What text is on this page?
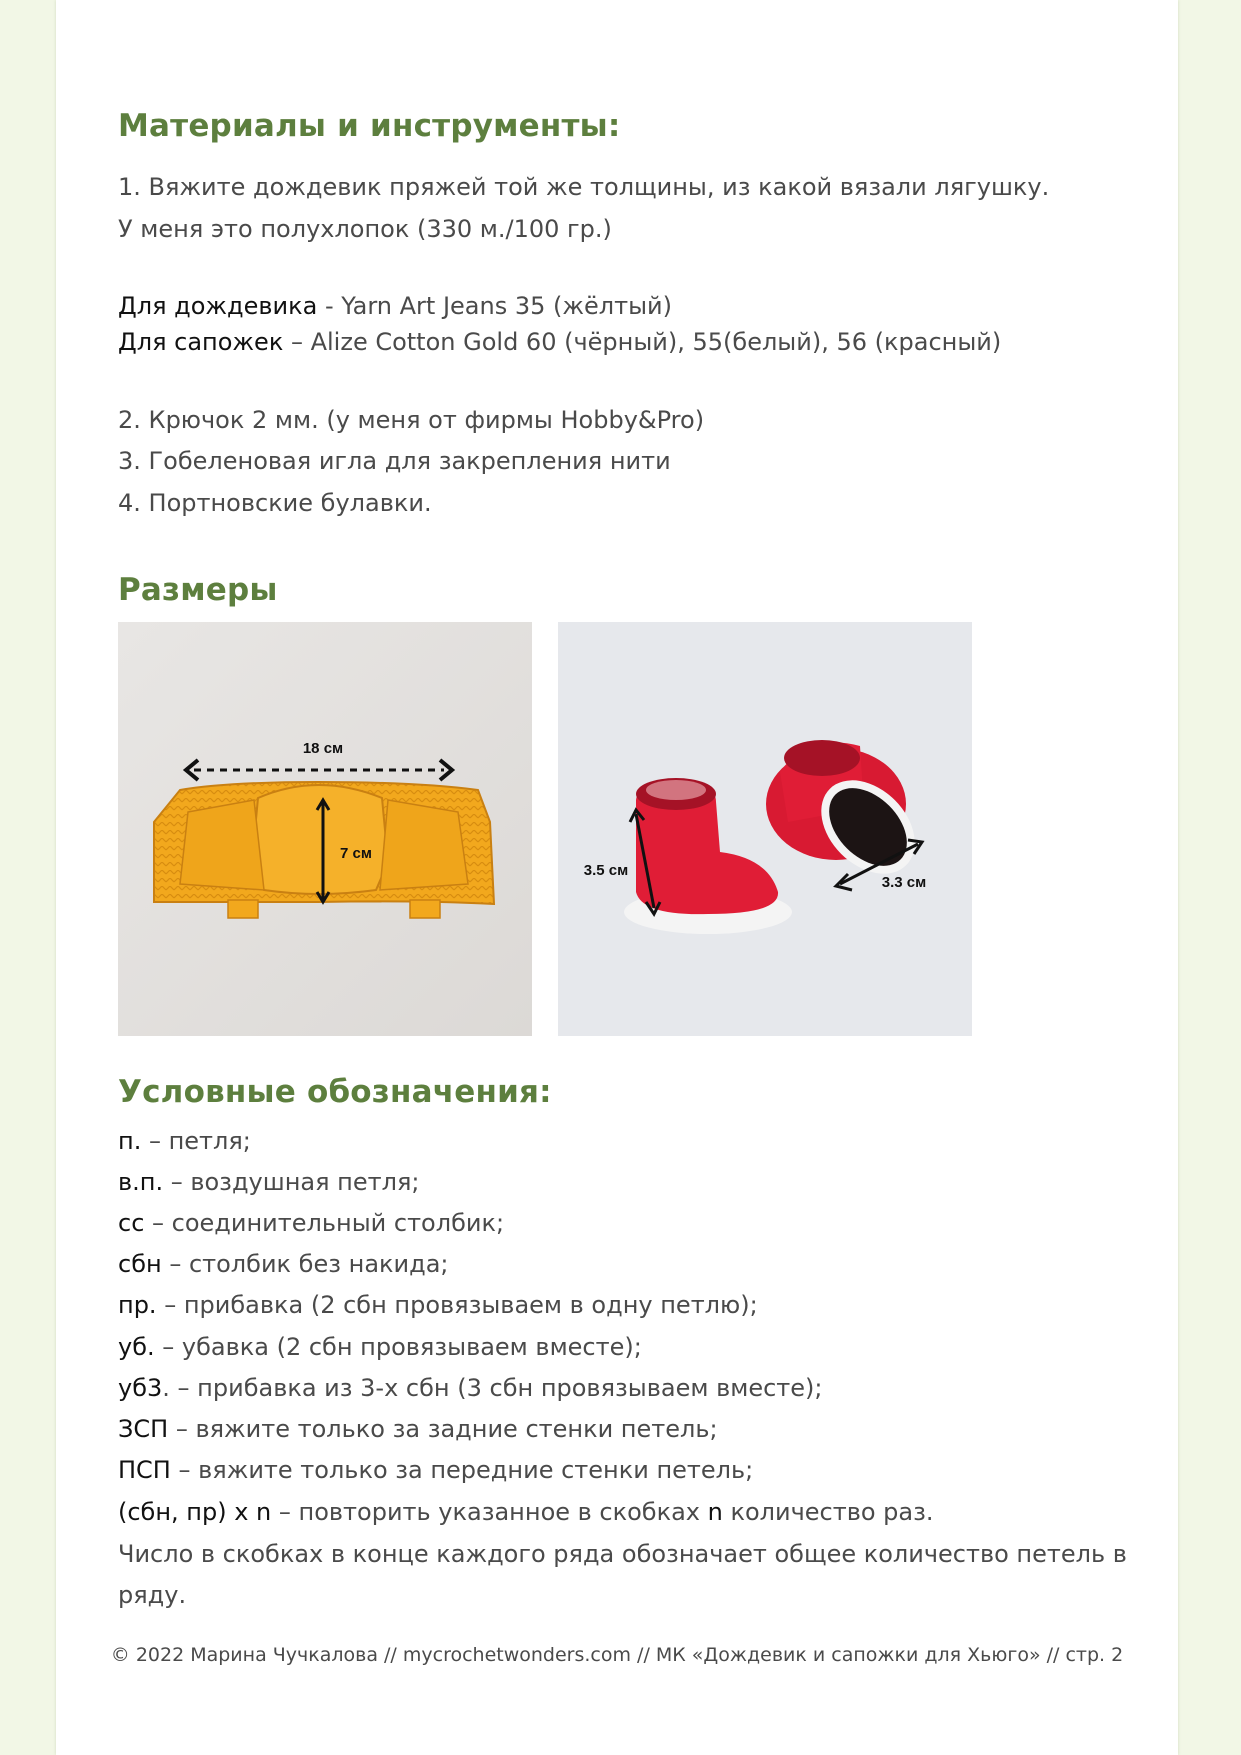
Материалы и инструменты:
1. Вяжите дождевик пряжей той же толщины, из какой вязали лягушку.
У меня это полухлопок (330 м./100 гр.)
Для дождевика - Yarn Art Jeans 35 (жёлтый)
Для сапожек – Alize Cotton Gold 60 (чёрный), 55(белый), 56 (красный)
2. Крючок 2 мм. (у меня от фирмы Hobby&Pro)
3. Гобеленовая игла для закрепления нити
4. Портновские булавки.
Размеры
18 см
7 см
3.5 см
3.3 см
Условные обозначения:
п. – петля;
в.п. – воздушная петля;
сс – соединительный столбик;
сбн – столбик без накида;
пр. – прибавка (2 сбн провязываем в одну петлю);
уб. – убавка (2 сбн провязываем вместе);
уб3. – прибавка из 3-х сбн (3 сбн провязываем вместе);
ЗСП – вяжите только за задние стенки петель;
ПСП – вяжите только за передние стенки петель;
(сбн, пр) х n – повторить указанное в скобках n количество раз.
Число в скобках в конце каждого ряда обозначает общее количество петель в
ряду.
© 2022 Марина Чучкалова // mycrochetwonders.com // МК «Дождевик и сапожки для Хьюго» // стр. 2
